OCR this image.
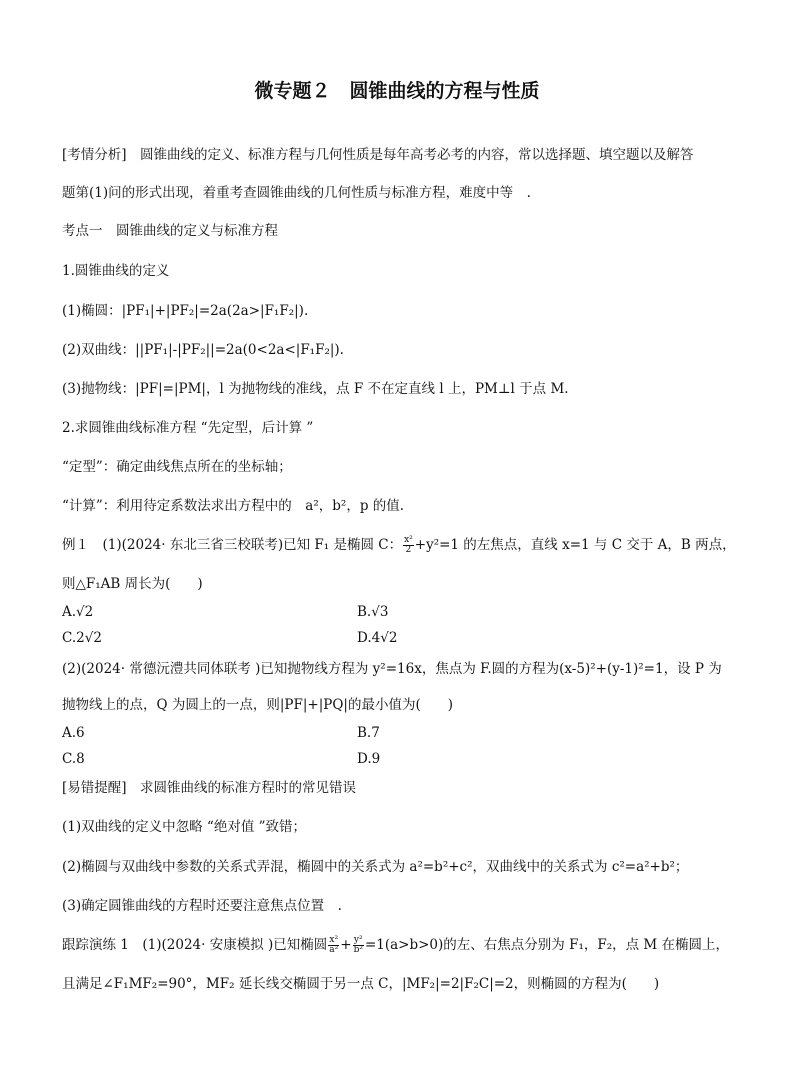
微专题２　圆锥曲线的方程与性质
[考情分析]　圆锥曲线的定义、标准方程与几何性质是每年高考必考的内容，常以选择题、填空题以及解答
题第(1)问的形式出现，着重考查圆锥曲线的几何性质与标准方程，难度中等　.
考点一　圆锥曲线的定义与标准方程
1.圆锥曲线的定义
(1)椭圆：|PF₁|+|PF₂|=2a(2a>|F₁F₂|).
(2)双曲线：||PF₁|-|PF₂||=2a(0<2a<|F₁F₂|).
(3)抛物线：|PF|=|PM|，l 为抛物线的准线，点 F 不在定直线 l 上，PM⊥l 于点 M.
2.求圆锥曲线标准方程 “先定型，后计算 ”
“定型”：确定曲线焦点所在的坐标轴；
“计算”：利用待定系数法求出方程中的　a²，b²，p 的值.
例１　(1)(2024· 东北三省三校联考)已知 F₁ 是椭圆 C： $\frac{\text{x²}}{2} +y^2=1$ 的左焦点，直线 x=1 与 C 交于 A，B 两点，
则△F₁AB 周长为(　　)
A.√2	B.√3
C.2√2	D.4√2
(2)(2024· 常德沅澧共同体联考 )已知抛物线方程为 y²=16x，焦点为 F.圆的方程为(x-5)²+(y-1)²=1，设 P 为
抛物线上的点，Q 为圆上的一点，则|PF|+|PQ|的最小值为(　　)
A.6	B.7
C.8	D.9
[易错提醒]　求圆锥曲线的标准方程时的常见错误
(1)双曲线的定义中忽略 “绝对值 ”致错；
(2)椭圆与双曲线中参数的关系式弄混，椭圆中的关系式为 a²=b²+c²，双曲线中的关系式为 c²=a²+b²；
(3)确定圆锥曲线的方程时还要注意焦点位置　.
跟踪演练 1　(1)(2024· 安康模拟 )已知椭圆 $\frac{\text{x²}}{\text{a²}} + \frac{\text{y²}}{\text{b²}} =1(a>b>0)$的左、右焦点分别为 F₁，F₂，点 M 在椭圆上，
且满足∠F₁MF₂=90°，MF₂ 延长线交椭圆于另一点 C，|MF₂|=2|F₂C|=2，则椭圆的方程为(　　)
